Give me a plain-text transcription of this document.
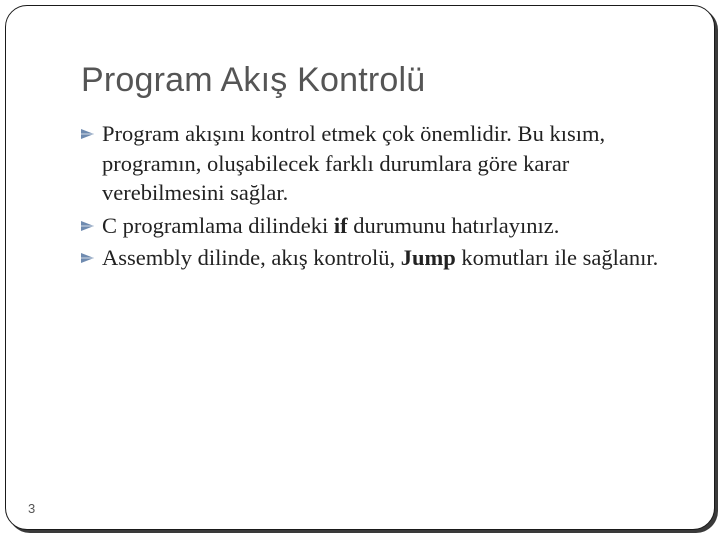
Program Akış Kontrolü
Program akışını kontrol etmek çok önemlidir. Bu kısım, programın, oluşabilecek farklı durumlara göre karar verebilmesini sağlar.
C programlama dilindeki if durumunu hatırlayınız.
Assembly dilinde, akış kontrolü, Jump komutları ile sağlanır.
3
